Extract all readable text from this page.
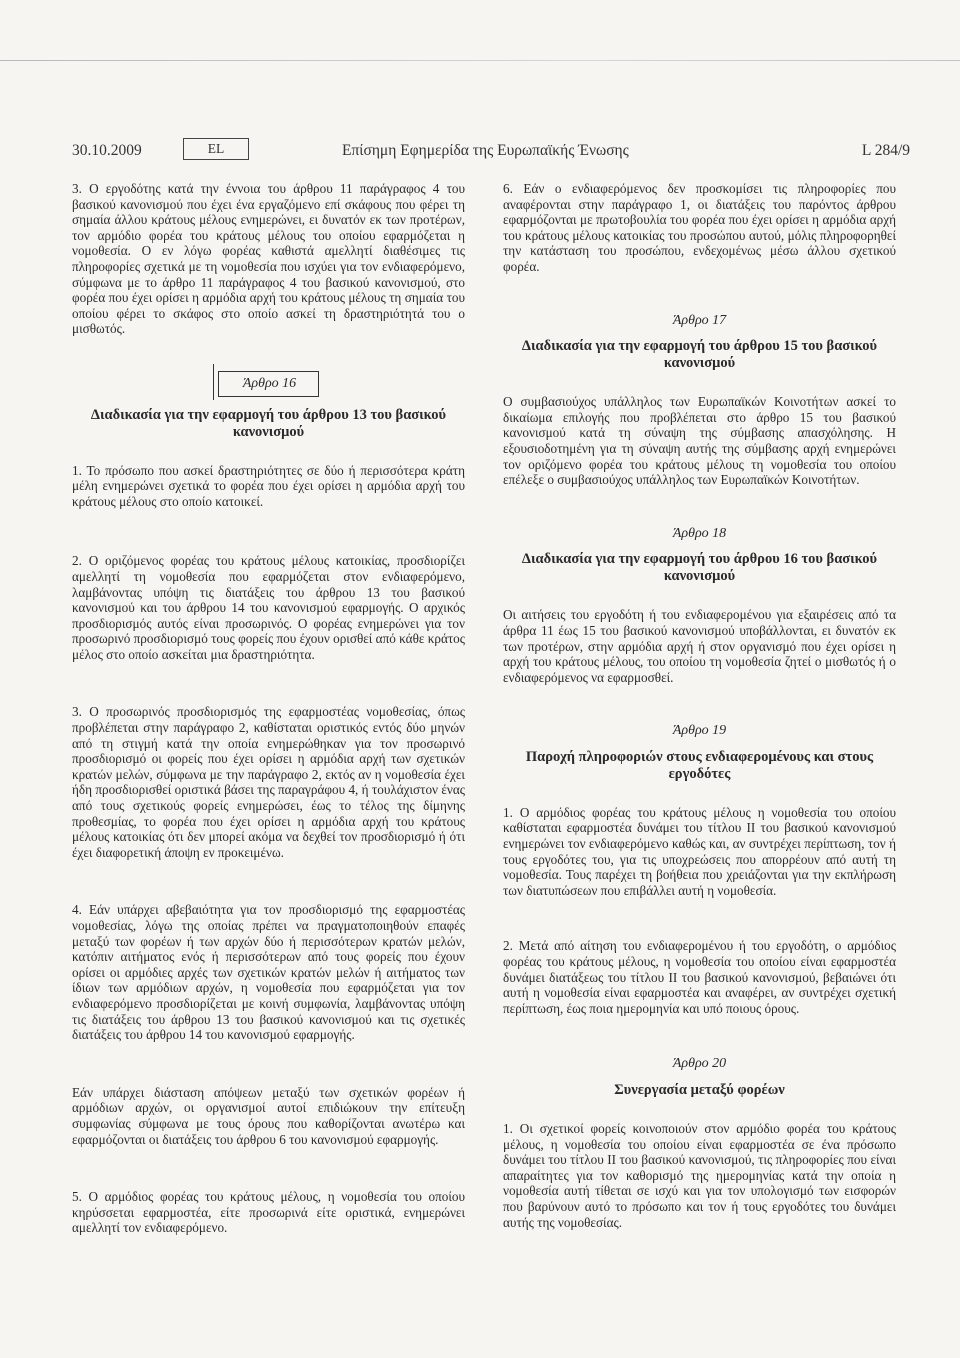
30.10.2009	EL	Επίσημη Εφημερίδα της Ευρωπαϊκής Ένωσης	L 284/9

3. Ο εργοδότης κατά την έννοια του άρθρου 11 παράγραφος 4 του βασικού κανονισμού που έχει ένα εργαζόμενο επί σκάφους που φέρει τη σημαία άλλου κράτους μέλους ενημερώνει, ει δυνατόν εκ των προτέρων, τον αρμόδιο φορέα του κράτους μέλους του οποίου εφαρμόζεται η νομοθεσία. Ο εν λόγω φορέας καθιστά αμελλητί διαθέσιμες τις πληροφορίες σχετικά με τη νομοθεσία που ισχύει για τον ενδιαφερόμενο, σύμφωνα με το άρθρο 11 παράγραφος 4 του βασικού κανονισμού, στο φορέα που έχει ορίσει η αρμόδια αρχή του κράτους μέλους τη σημαία του οποίου φέρει το σκάφος στο οποίο ασκεί τη δραστηριότητά του ο μισθωτός.

Άρθρο 16
Διαδικασία για την εφαρμογή του άρθρου 13 του βασικού κανονισμού

1. Το πρόσωπο που ασκεί δραστηριότητες σε δύο ή περισσότερα κράτη μέλη ενημερώνει σχετικά το φορέα που έχει ορίσει η αρμόδια αρχή του κράτους μέλους στο οποίο κατοικεί.

2. Ο οριζόμενος φορέας του κράτους μέλους κατοικίας, προσδιορίζει αμελλητί τη νομοθεσία που εφαρμόζεται στον ενδιαφερόμενο, λαμβάνοντας υπόψη τις διατάξεις του άρθρου 13 του βασικού κανονισμού και του άρθρου 14 του κανονισμού εφαρμογής. Ο αρχικός προσδιορισμός αυτός είναι προσωρινός. Ο φορέας ενημερώνει για τον προσωρινό προσδιορισμό τους φορείς που έχουν ορισθεί από κάθε κράτος μέλος στο οποίο ασκείται μια δραστηριότητα.

3. Ο προσωρινός προσδιορισμός της εφαρμοστέας νομοθεσίας, όπως προβλέπεται στην παράγραφο 2, καθίσταται οριστικός εντός δύο μηνών από τη στιγμή κατά την οποία ενημερώθηκαν για τον προσωρινό προσδιορισμό οι φορείς που έχει ορίσει η αρμόδια αρχή των σχετικών κρατών μελών, σύμφωνα με την παράγραφο 2, εκτός αν η νομοθεσία έχει ήδη προσδιορισθεί οριστικά βάσει της παραγράφου 4, ή τουλάχιστον ένας από τους σχετικούς φορείς ενημερώσει, έως το τέλος της δίμηνης προθεσμίας, το φορέα που έχει ορίσει η αρμόδια αρχή του κράτους μέλους κατοικίας ότι δεν μπορεί ακόμα να δεχθεί τον προσδιορισμό ή ότι έχει διαφορετική άποψη εν προκειμένω.

4. Εάν υπάρχει αβεβαιότητα για τον προσδιορισμό της εφαρμοστέας νομοθεσίας, λόγω της οποίας πρέπει να πραγματοποιηθούν επαφές μεταξύ των φορέων ή των αρχών δύο ή περισσότερων κρατών μελών, κατόπιν αιτήματος ενός ή περισσότερων από τους φορείς που έχουν ορίσει οι αρμόδιες αρχές των σχετικών κρατών μελών ή αιτήματος των ίδιων των αρμόδιων αρχών, η νομοθεσία που εφαρμόζεται για τον ενδιαφερόμενο προσδιορίζεται με κοινή συμφωνία, λαμβάνοντας υπόψη τις διατάξεις του άρθρου 13 του βασικού κανονισμού και τις σχετικές διατάξεις του άρθρου 14 του κανονισμού εφαρμογής.

Εάν υπάρχει διάσταση απόψεων μεταξύ των σχετικών φορέων ή αρμόδιων αρχών, οι οργανισμοί αυτοί επιδιώκουν την επίτευξη συμφωνίας σύμφωνα με τους όρους που καθορίζονται ανωτέρω και εφαρμόζονται οι διατάξεις του άρθρου 6 του κανονισμού εφαρμογής.

5. Ο αρμόδιος φορέας του κράτους μέλους, η νομοθεσία του οποίου κηρύσσεται εφαρμοστέα, είτε προσωρινά είτε οριστικά, ενημερώνει αμελλητί τον ενδιαφερόμενο.

6. Εάν ο ενδιαφερόμενος δεν προσκομίσει τις πληροφορίες που αναφέρονται στην παράγραφο 1, οι διατάξεις του παρόντος άρθρου εφαρμόζονται με πρωτοβουλία του φορέα που έχει ορίσει η αρμόδια αρχή του κράτους μέλους κατοικίας του προσώπου αυτού, μόλις πληροφορηθεί την κατάσταση του προσώπου, ενδεχομένως μέσω άλλου σχετικού φορέα.

Άρθρο 17
Διαδικασία για την εφαρμογή του άρθρου 15 του βασικού κανονισμού

Ο συμβασιούχος υπάλληλος των Ευρωπαϊκών Κοινοτήτων ασκεί το δικαίωμα επιλογής που προβλέπεται στο άρθρο 15 του βασικού κανονισμού κατά τη σύναψη της σύμβασης απασχόλησης. Η εξουσιοδοτημένη για τη σύναψη αυτής της σύμβασης αρχή ενημερώνει τον οριζόμενο φορέα του κράτους μέλους τη νομοθεσία του οποίου επέλεξε ο συμβασιούχος υπάλληλος των Ευρωπαϊκών Κοινοτήτων.

Άρθρο 18
Διαδικασία για την εφαρμογή του άρθρου 16 του βασικού κανονισμού

Οι αιτήσεις του εργοδότη ή του ενδιαφερομένου για εξαιρέσεις από τα άρθρα 11 έως 15 του βασικού κανονισμού υποβάλλονται, ει δυνατόν εκ των προτέρων, στην αρμόδια αρχή ή στον οργανισμό που έχει ορίσει η αρχή του κράτους μέλους, του οποίου τη νομοθεσία ζητεί ο μισθωτός ή ο ενδιαφερόμενος να εφαρμοσθεί.

Άρθρο 19
Παροχή πληροφοριών στους ενδιαφερομένους και στους εργοδότες

1. Ο αρμόδιος φορέας του κράτους μέλους η νομοθεσία του οποίου καθίσταται εφαρμοστέα δυνάμει του τίτλου II του βασικού κανονισμού ενημερώνει τον ενδιαφερόμενο καθώς και, αν συντρέχει περίπτωση, τον ή τους εργοδότες του, για τις υποχρεώσεις που απορρέουν από αυτή τη νομοθεσία. Τους παρέχει τη βοήθεια που χρειάζονται για την εκπλήρωση των διατυπώσεων που επιβάλλει αυτή η νομοθεσία.

2. Μετά από αίτηση του ενδιαφερομένου ή του εργοδότη, ο αρμόδιος φορέας του κράτους μέλους, η νομοθεσία του οποίου είναι εφαρμοστέα δυνάμει διατάξεως του τίτλου II του βασικού κανονισμού, βεβαιώνει ότι αυτή η νομοθεσία είναι εφαρμοστέα και αναφέρει, αν συντρέχει σχετική περίπτωση, έως ποια ημερομηνία και υπό ποιους όρους.

Άρθρο 20
Συνεργασία μεταξύ φορέων

1. Οι σχετικοί φορείς κοινοποιούν στον αρμόδιο φορέα του κράτους μέλους, η νομοθεσία του οποίου είναι εφαρμοστέα σε ένα πρόσωπο δυνάμει του τίτλου II του βασικού κανονισμού, τις πληροφορίες που είναι απαραίτητες για τον καθορισμό της ημερομηνίας κατά την οποία η νομοθεσία αυτή τίθεται σε ισχύ και για τον υπολογισμό των εισφορών που βαρύνουν αυτό το πρόσωπο και τον ή τους εργοδότες του δυνάμει αυτής της νομοθεσίας.
